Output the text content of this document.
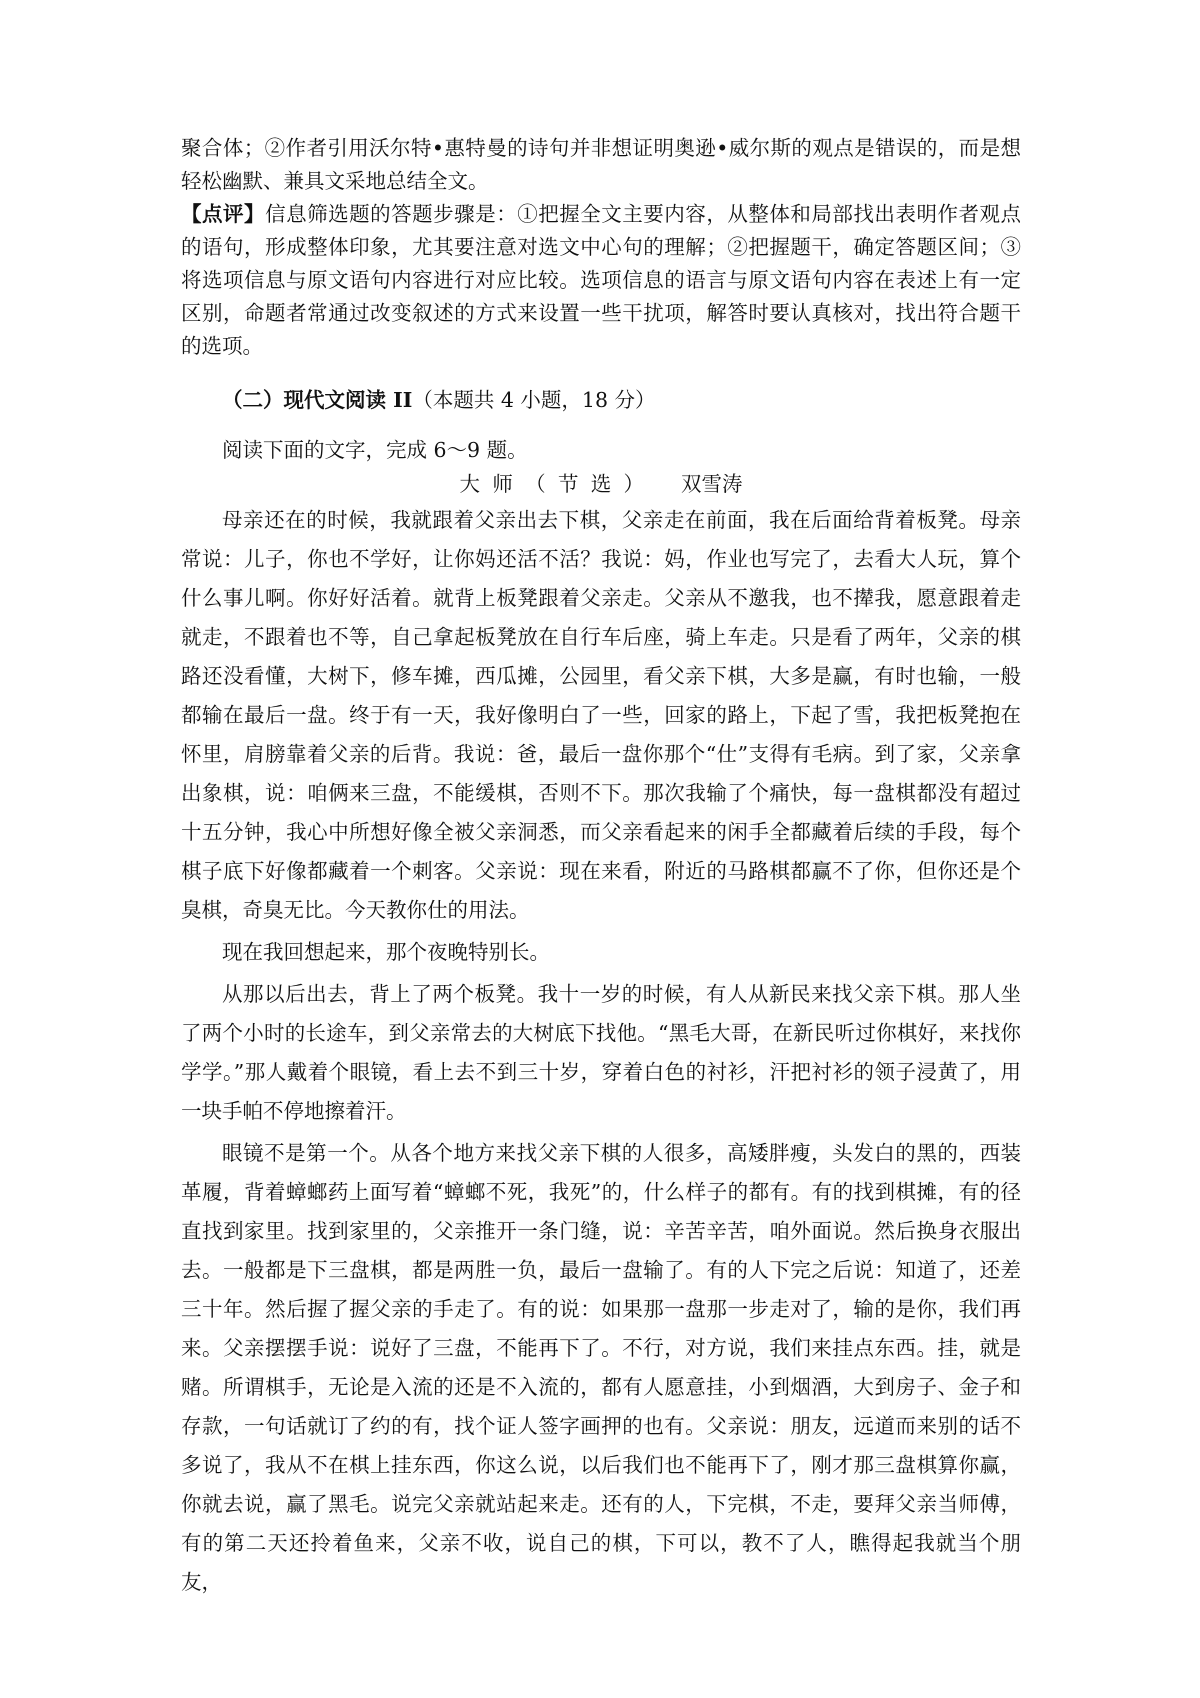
聚合体；②作者引用沃尔特•惠特曼的诗句并非想证明奥逊•威尔斯的观点是错误的，而是想轻松幽默、兼具文采地总结全文。

【点评】信息筛选题的答题步骤是：①把握全文主要内容，从整体和局部找出表明作者观点的语句，形成整体印象，尤其要注意对选文中心句的理解；②把握题干，确定答题区间；③将选项信息与原文语句内容进行对应比较。选项信息的语言与原文语句内容在表述上有一定区别，命题者常通过改变叙述的方式来设置一些干扰项，解答时要认真核对，找出符合题干的选项。

（二）现代文阅读 II（本题共 4 小题，18 分）

阅读下面的文字，完成 6～9 题。

大师（节选） 双雪涛

母亲还在的时候，我就跟着父亲出去下棋，父亲走在前面，我在后面给背着板凳。母亲常说：儿子，你也不学好，让你妈还活不活？我说：妈，作业也写完了，去看大人玩，算个什么事儿啊。你好好活着。就背上板凳跟着父亲走。父亲从不邀我，也不撵我，愿意跟着走就走，不跟着也不等，自己拿起板凳放在自行车后座，骑上车走。只是看了两年，父亲的棋路还没看懂，大树下，修车摊，西瓜摊，公园里，看父亲下棋，大多是赢，有时也输，一般都输在最后一盘。终于有一天，我好像明白了一些，回家的路上，下起了雪，我把板凳抱在怀里，肩膀靠着父亲的后背。我说：爸，最后一盘你那个“仕”支得有毛病。到了家，父亲拿出象棋，说：咱俩来三盘，不能缓棋，否则不下。那次我输了个痛快，每一盘棋都没有超过十五分钟，我心中所想好像全被父亲洞悉，而父亲看起来的闲手全都藏着后续的手段，每个棋子底下好像都藏着一个刺客。父亲说：现在来看，附近的马路棋都赢不了你，但你还是个臭棋，奇臭无比。今天教你仕的用法。

现在我回想起来，那个夜晚特别长。

从那以后出去，背上了两个板凳。我十一岁的时候，有人从新民来找父亲下棋。那人坐了两个小时的长途车，到父亲常去的大树底下找他。“黑毛大哥，在新民听过你棋好，来找你学学。”那人戴着个眼镜，看上去不到三十岁，穿着白色的衬衫，汗把衬衫的领子浸黄了，用一块手帕不停地擦着汗。

眼镜不是第一个。从各个地方来找父亲下棋的人很多，高矮胖瘦，头发白的黑的，西装革履，背着蟑螂药上面写着“蟑螂不死，我死”的，什么样子的都有。有的找到棋摊，有的径直找到家里。找到家里的，父亲推开一条门缝，说：辛苦辛苦，咱外面说。然后换身衣服出去。一般都是下三盘棋，都是两胜一负，最后一盘输了。有的人下完之后说：知道了，还差三十年。然后握了握父亲的手走了。有的说：如果那一盘那一步走对了，输的是你，我们再来。父亲摆摆手说：说好了三盘，不能再下了。不行，对方说，我们来挂点东西。挂，就是赌。所谓棋手，无论是入流的还是不入流的，都有人愿意挂，小到烟酒，大到房子、金子和存款，一句话就订了约的有，找个证人签字画押的也有。父亲说：朋友，远道而来别的话不多说了，我从不在棋上挂东西，你这么说，以后我们也不能再下了，刚才那三盘棋算你赢，你就去说，赢了黑毛。说完父亲就站起来走。还有的人，下完棋，不走，要拜父亲当师傅，有的第二天还拎着鱼来，父亲不收，说自己的棋，下可以，教不了人，瞧得起我就当个朋友，
